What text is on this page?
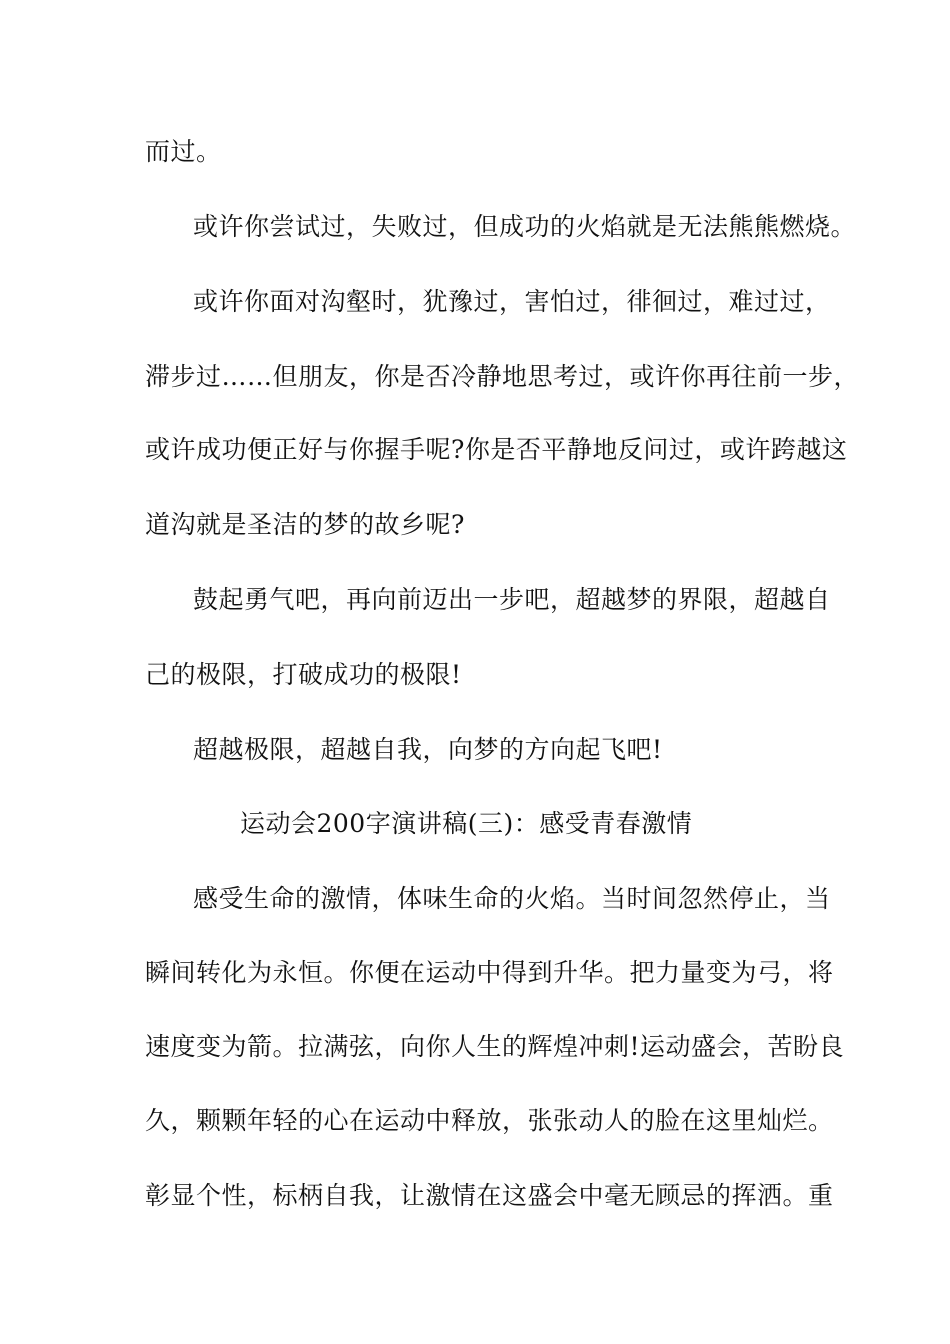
而过。
或许你尝试过，失败过，但成功的火焰就是无法熊熊燃烧。
或许你面对沟壑时，犹豫过，害怕过，徘徊过，难过过，
滞步过……但朋友，你是否冷静地思考过，或许你再往前一步，
或许成功便正好与你握手呢?你是否平静地反问过，或许跨越这
道沟就是圣洁的梦的故乡呢?
鼓起勇气吧，再向前迈出一步吧，超越梦的界限，超越自
己的极限，打破成功的极限!
超越极限，超越自我，向梦的方向起飞吧!
运动会200字演讲稿(三)：感受青春激情
感受生命的激情，体味生命的火焰。当时间忽然停止，当
瞬间转化为永恒。你便在运动中得到升华。把力量变为弓，将
速度变为箭。拉满弦，向你人生的辉煌冲刺!运动盛会，苦盼良
久，颗颗年轻的心在运动中释放，张张动人的脸在这里灿烂。
彰显个性，标柄自我，让激情在这盛会中毫无顾忌的挥洒。重
